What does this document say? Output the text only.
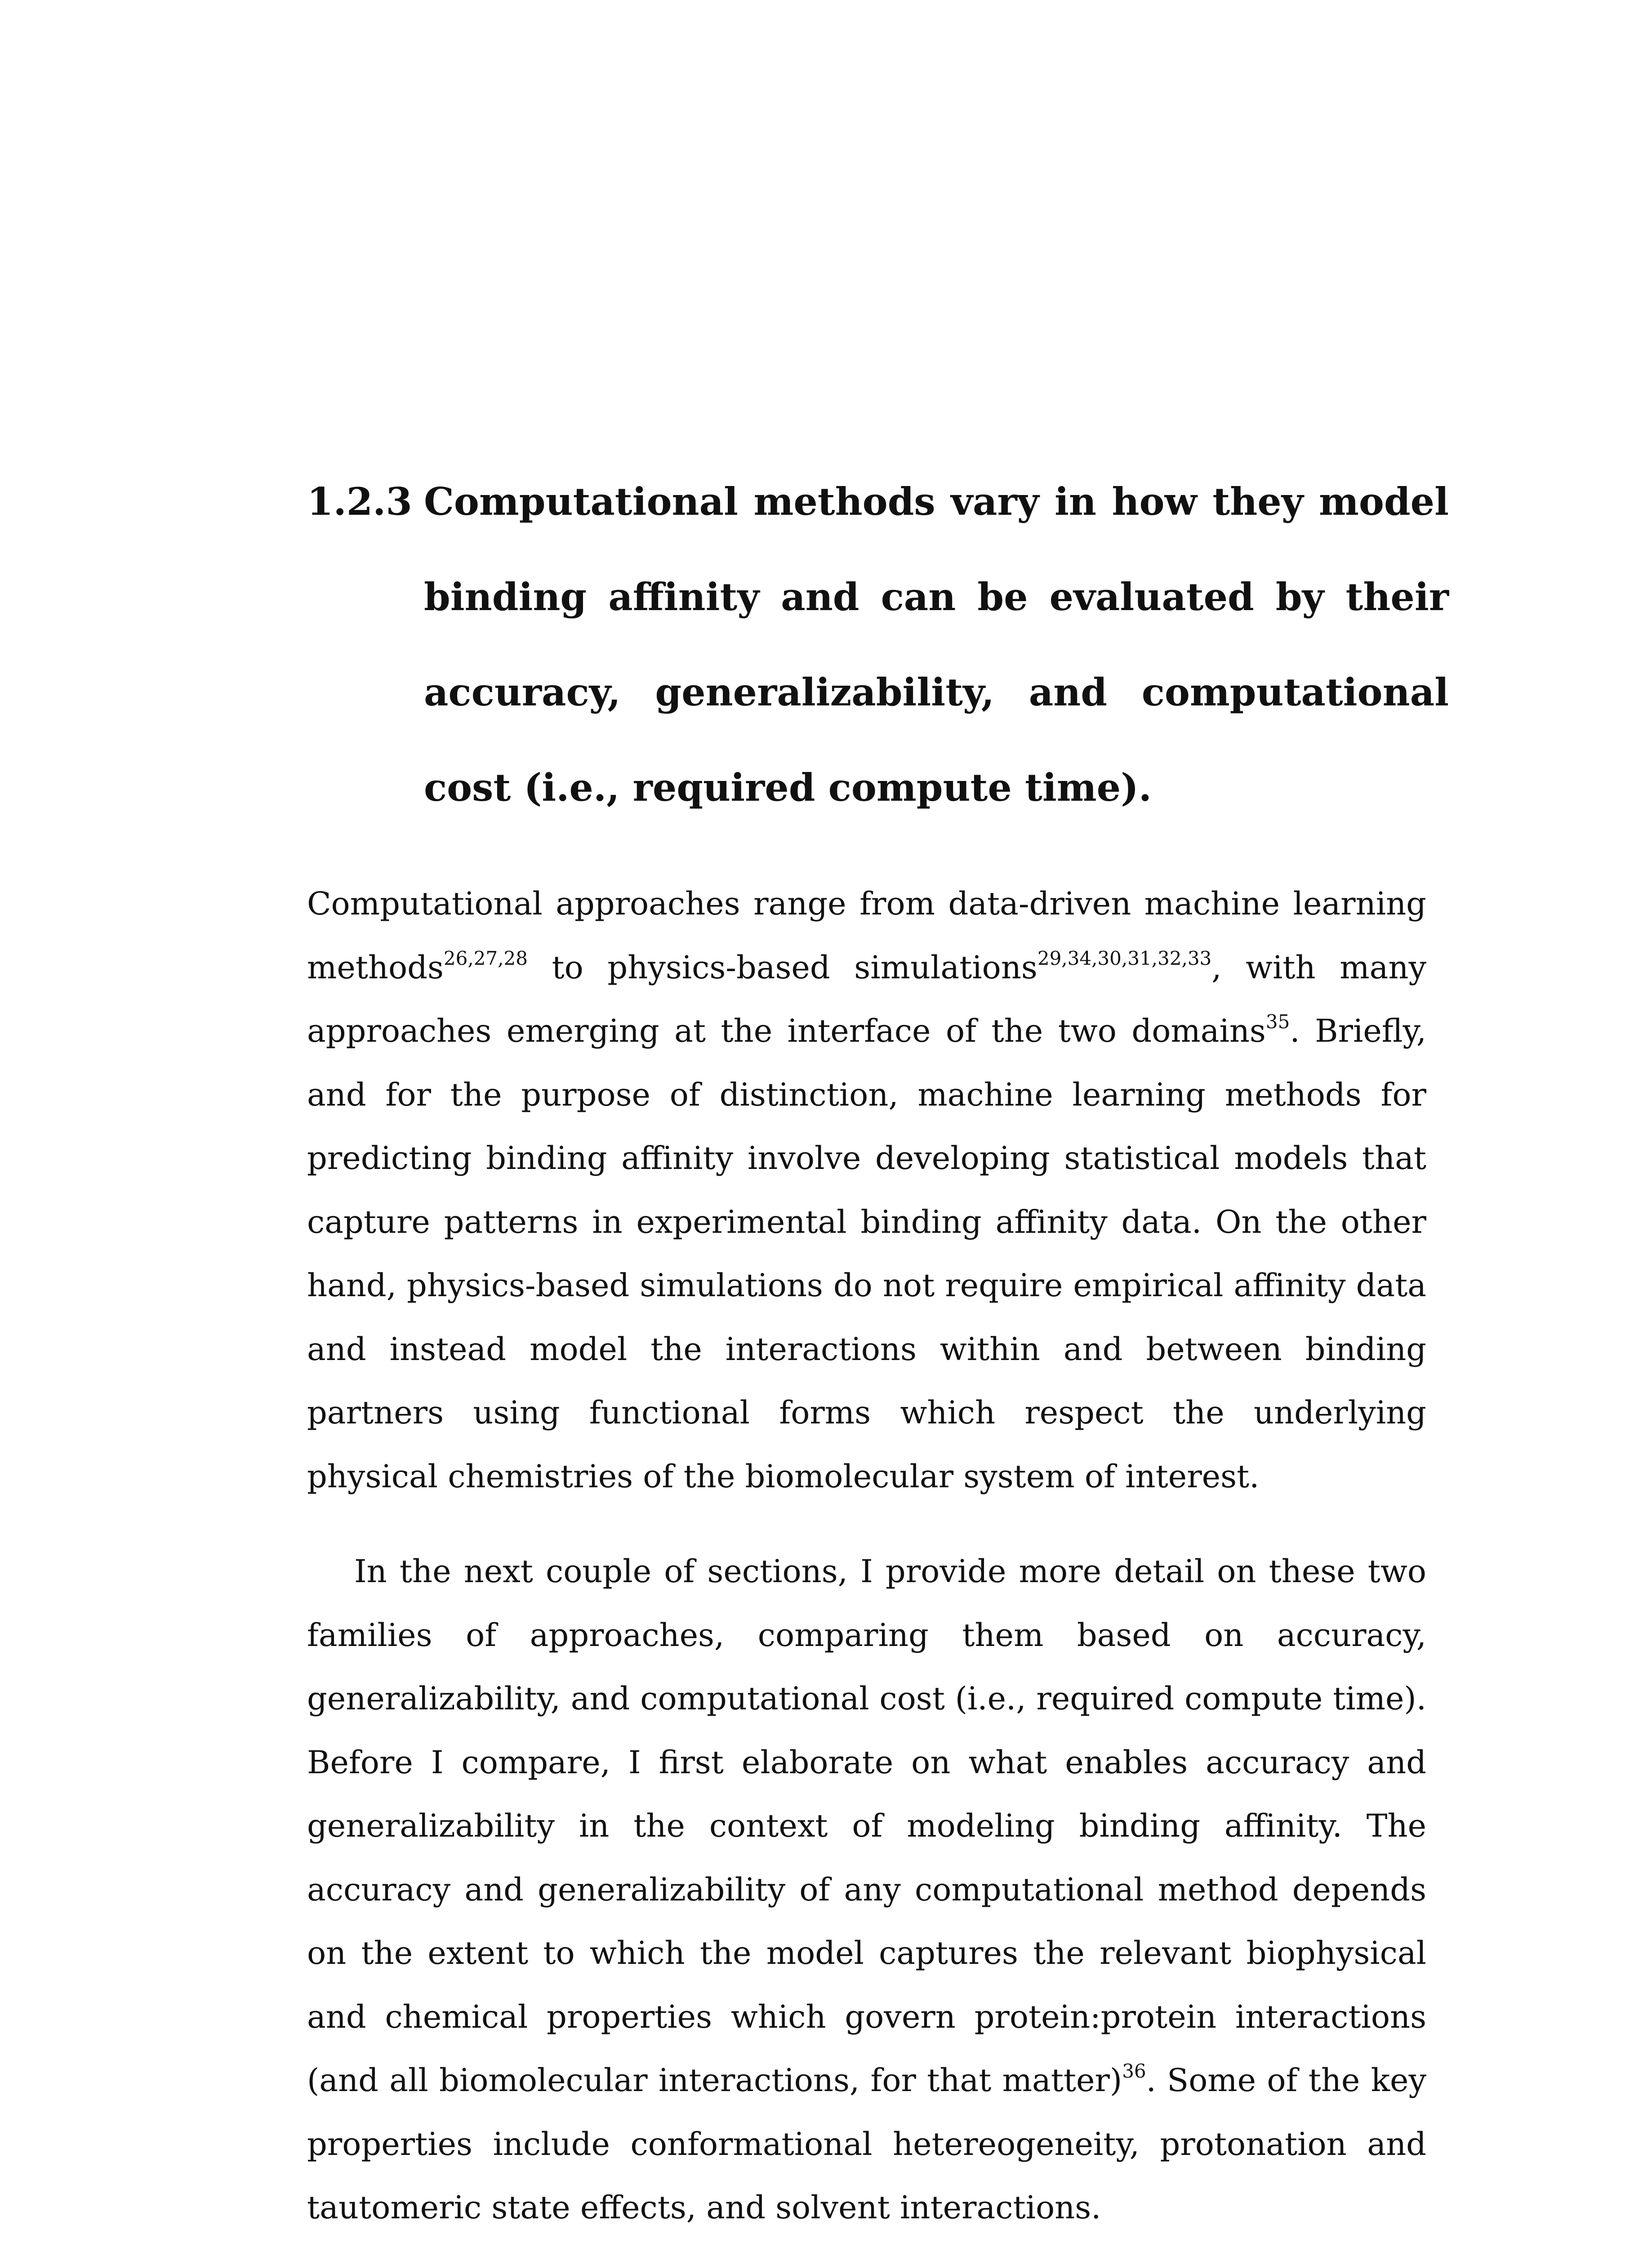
1.2.3 Computational methods vary in how they model binding affinity and can be evaluated by their accuracy, generalizability, and computational cost (i.e., required compute time).

Computational approaches range from data-driven machine learning methods$^{26,27,28}$ to physics-based simulations$^{29,34,30,31,32,33}$, with many approaches emerging at the interface of the two domains$^{35}$. Briefly, and for the purpose of distinction, machine learning methods for predicting binding affinity involve developing statistical models that capture patterns in experimental binding affinity data. On the other hand, physics-based simulations do not require empirical affinity data and instead model the interactions within and between binding partners using functional forms which respect the underlying physical chemistries of the biomolecular system of interest.

In the next couple of sections, I provide more detail on these two families of approaches, comparing them based on accuracy, generalizability, and computational cost (i.e., required compute time). Before I compare, I first elaborate on what enables accuracy and generalizability in the context of modeling binding affinity. The accuracy and generalizability of any computational method depends on the extent to which the model captures the relevant biophysical and chemical properties which govern protein:protein interactions (and all biomolecular interactions, for that matter)$^{36}$. Some of the key properties include conformational hetereogeneity, protonation and tautomeric state effects, and solvent interactions.
